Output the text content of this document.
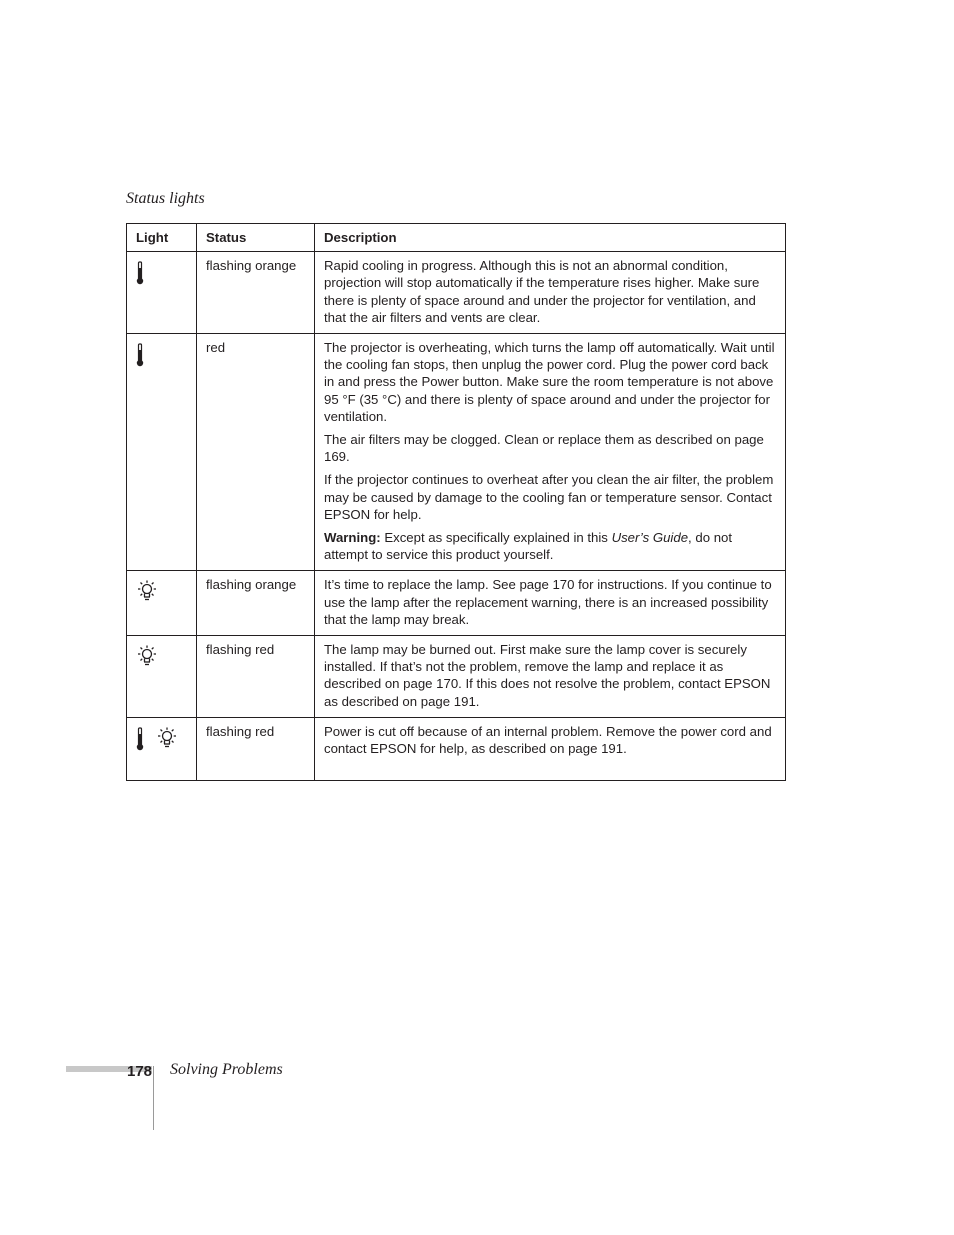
Status lights
Light	Status	Description
	flashing orange	Rapid cooling in progress. Although this is not an abnormal condition, projection will stop automatically if the temperature rises higher. Make sure there is plenty of space around and under the projector for ventilation, and that the air filters and vents are clear.

	red	The projector is overheating, which turns the lamp off automatically. Wait until the cooling fan stops, then unplug the power cord. Plug the power cord back in and press the Power button. Make sure the room temperature is not above 95 °F (35 °C) and there is plenty of space around and under the projector for ventilation.

The air filters may be clogged. Clean or replace them as described on page 169.

If the projector continues to overheat after you clean the air filter, the problem may be caused by damage to the cooling fan or temperature sensor. Contact EPSON for help.

Warning: Except as specifically explained in this User’s Guide, do not attempt to service this product yourself.

	flashing orange	It’s time to replace the lamp. See page 170 for instructions. If you continue to use the lamp after the replacement warning, there is an increased possibility that the lamp may break.

	flashing red	The lamp may be burned out. First make sure the lamp cover is securely installed. If that’s not the problem, remove the lamp and replace it as described on page 170. If this does not resolve the problem, contact EPSON as described on page 191.

	flashing red	Power is cut off because of an internal problem. Remove the power cord and contact EPSON for help, as described on page 191.

178 Solving Problems
